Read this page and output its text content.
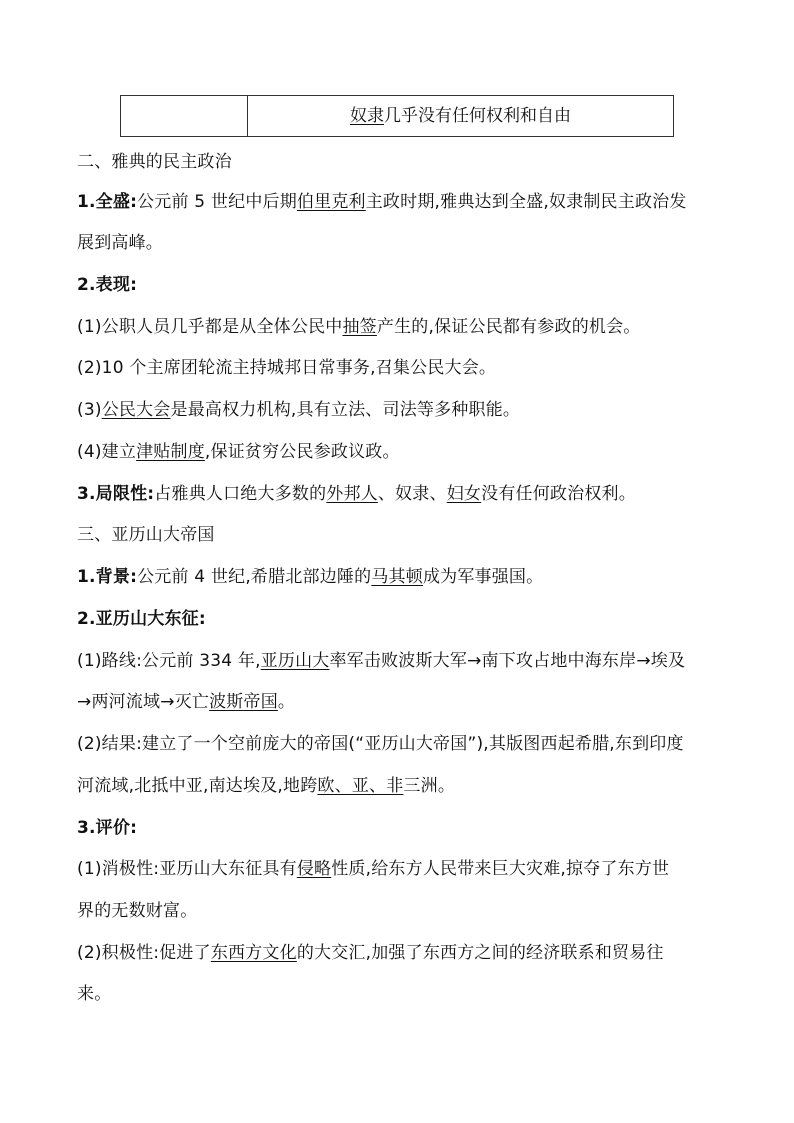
	奴隶几乎没有任何权利和自由
二、雅典的民主政治
1.全盛:公元前 5 世纪中后期伯里克利主政时期,雅典达到全盛,奴隶制民主政治发
展到高峰。
2.表现:
(1)公职人员几乎都是从全体公民中抽签产生的,保证公民都有参政的机会。
(2)10 个主席团轮流主持城邦日常事务,召集公民大会。
(3)公民大会是最高权力机构,具有立法、司法等多种职能。
(4)建立津贴制度,保证贫穷公民参政议政。
3.局限性:占雅典人口绝大多数的外邦人、奴隶、妇女没有任何政治权利。
三、亚历山大帝国
1.背景:公元前 4 世纪,希腊北部边陲的马其顿成为军事强国。
2.亚历山大东征:
(1)路线:公元前 334 年,亚历山大率军击败波斯大军→南下攻占地中海东岸→埃及
→两河流域→灭亡波斯帝国。
(2)结果:建立了一个空前庞大的帝国(“亚历山大帝国”),其版图西起希腊,东到印度
河流域,北抵中亚,南达埃及,地跨欧、亚、非三洲。
3.评价:
(1)消极性:亚历山大东征具有侵略性质,给东方人民带来巨大灾难,掠夺了东方世
界的无数财富。
(2)积极性:促进了东西方文化的大交汇,加强了东西方之间的经济联系和贸易往
来。
